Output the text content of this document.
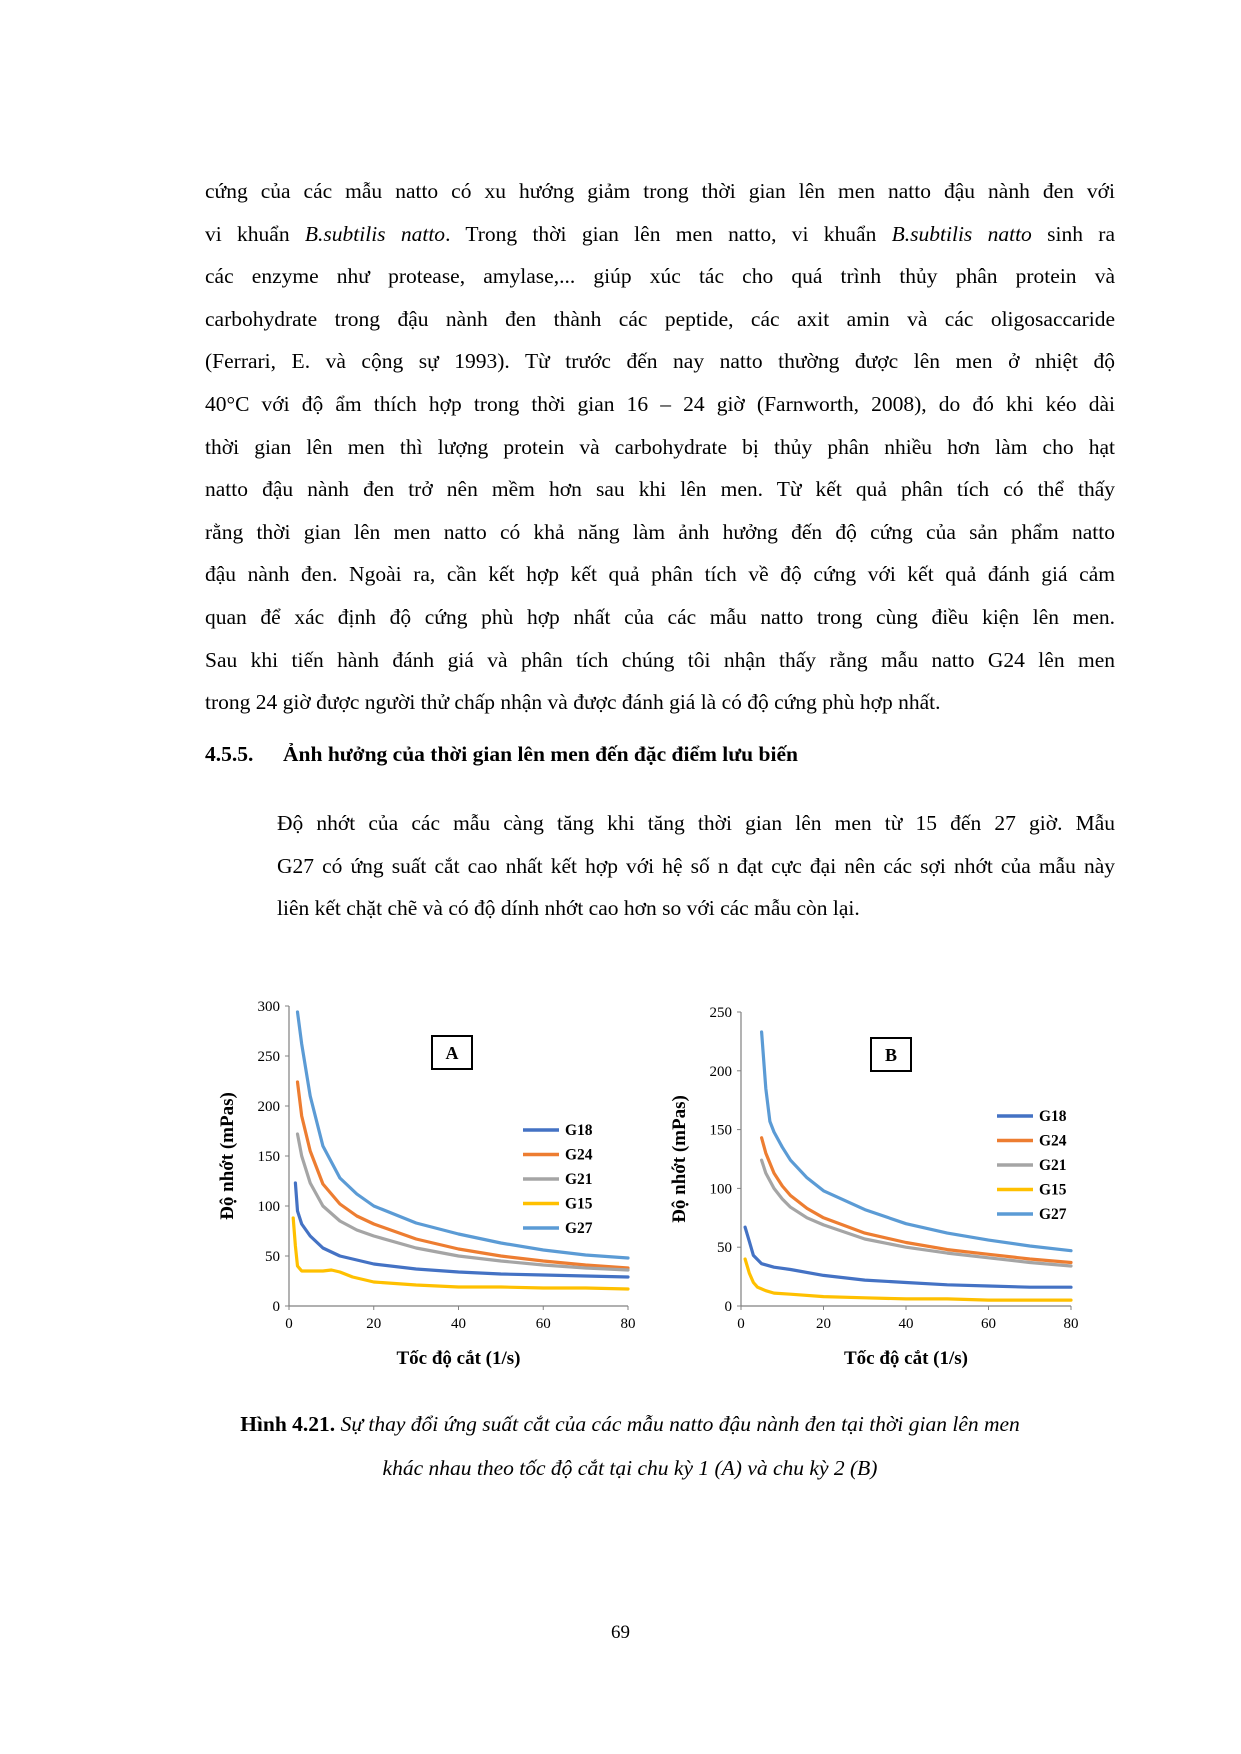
cứng của các mẫu natto có xu hướng giảm trong thời gian lên men natto đậu nành đen với
vi khuẩn B.subtilis natto. Trong thời gian lên men natto, vi khuẩn B.subtilis natto sinh ra
các enzyme như protease, amylase,... giúp xúc tác cho quá trình thủy phân protein và
carbohydrate trong đậu nành đen thành các peptide, các axit amin và các oligosaccaride
(Ferrari, E. và cộng sự 1993). Từ trước đến nay natto thường được lên men ở nhiệt độ
40°C với độ ẩm thích hợp trong thời gian 16 – 24 giờ (Farnworth, 2008), do đó khi kéo dài
thời gian lên men thì lượng protein và carbohydrate bị thủy phân nhiều hơn làm cho hạt
natto đậu nành đen trở nên mềm hơn sau khi lên men. Từ kết quả phân tích có thể thấy
rằng thời gian lên men natto có khả năng làm ảnh hưởng đến độ cứng của sản phẩm natto
đậu nành đen. Ngoài ra, cần kết hợp kết quả phân tích về độ cứng với kết quả đánh giá cảm
quan để xác định độ cứng phù hợp nhất của các mẫu natto trong cùng điều kiện lên men.
Sau khi tiến hành đánh giá và phân tích chúng tôi nhận thấy rằng mẫu natto G24 lên men
trong 24 giờ được người thử chấp nhận và được đánh giá là có độ cứng phù hợp nhất.
4.5.5. Ảnh hưởng của thời gian lên men đến đặc điểm lưu biến
Độ nhớt của các mẫu càng tăng khi tăng thời gian lên men từ 15 đến 27 giờ. Mẫu
G27 có ứng suất cắt cao nhất kết hợp với hệ số n đạt cực đại nên các sợi nhớt của mẫu này
liên kết chặt chẽ và có độ dính nhớt cao hơn so với các mẫu còn lại.
0
50
100
150
200
250
300
0	20	40	60	80
Tốc độ cắt (1/s)
Độ nhớt (mPas)	G18
G24
G21
G15
G27
A
0
50
100
150
200
250
0	20	40	60	80
Tốc độ cắt (1/s)
Độ nhớt (mPas)	G18
G24
G21
G15
G27
B
Hình 4.21. Sự thay đổi ứng suất cắt của các mẫu natto đậu nành đen tại thời gian lên men
khác nhau theo tốc độ cắt tại chu kỳ 1 (A) và chu kỳ 2 (B)
69
